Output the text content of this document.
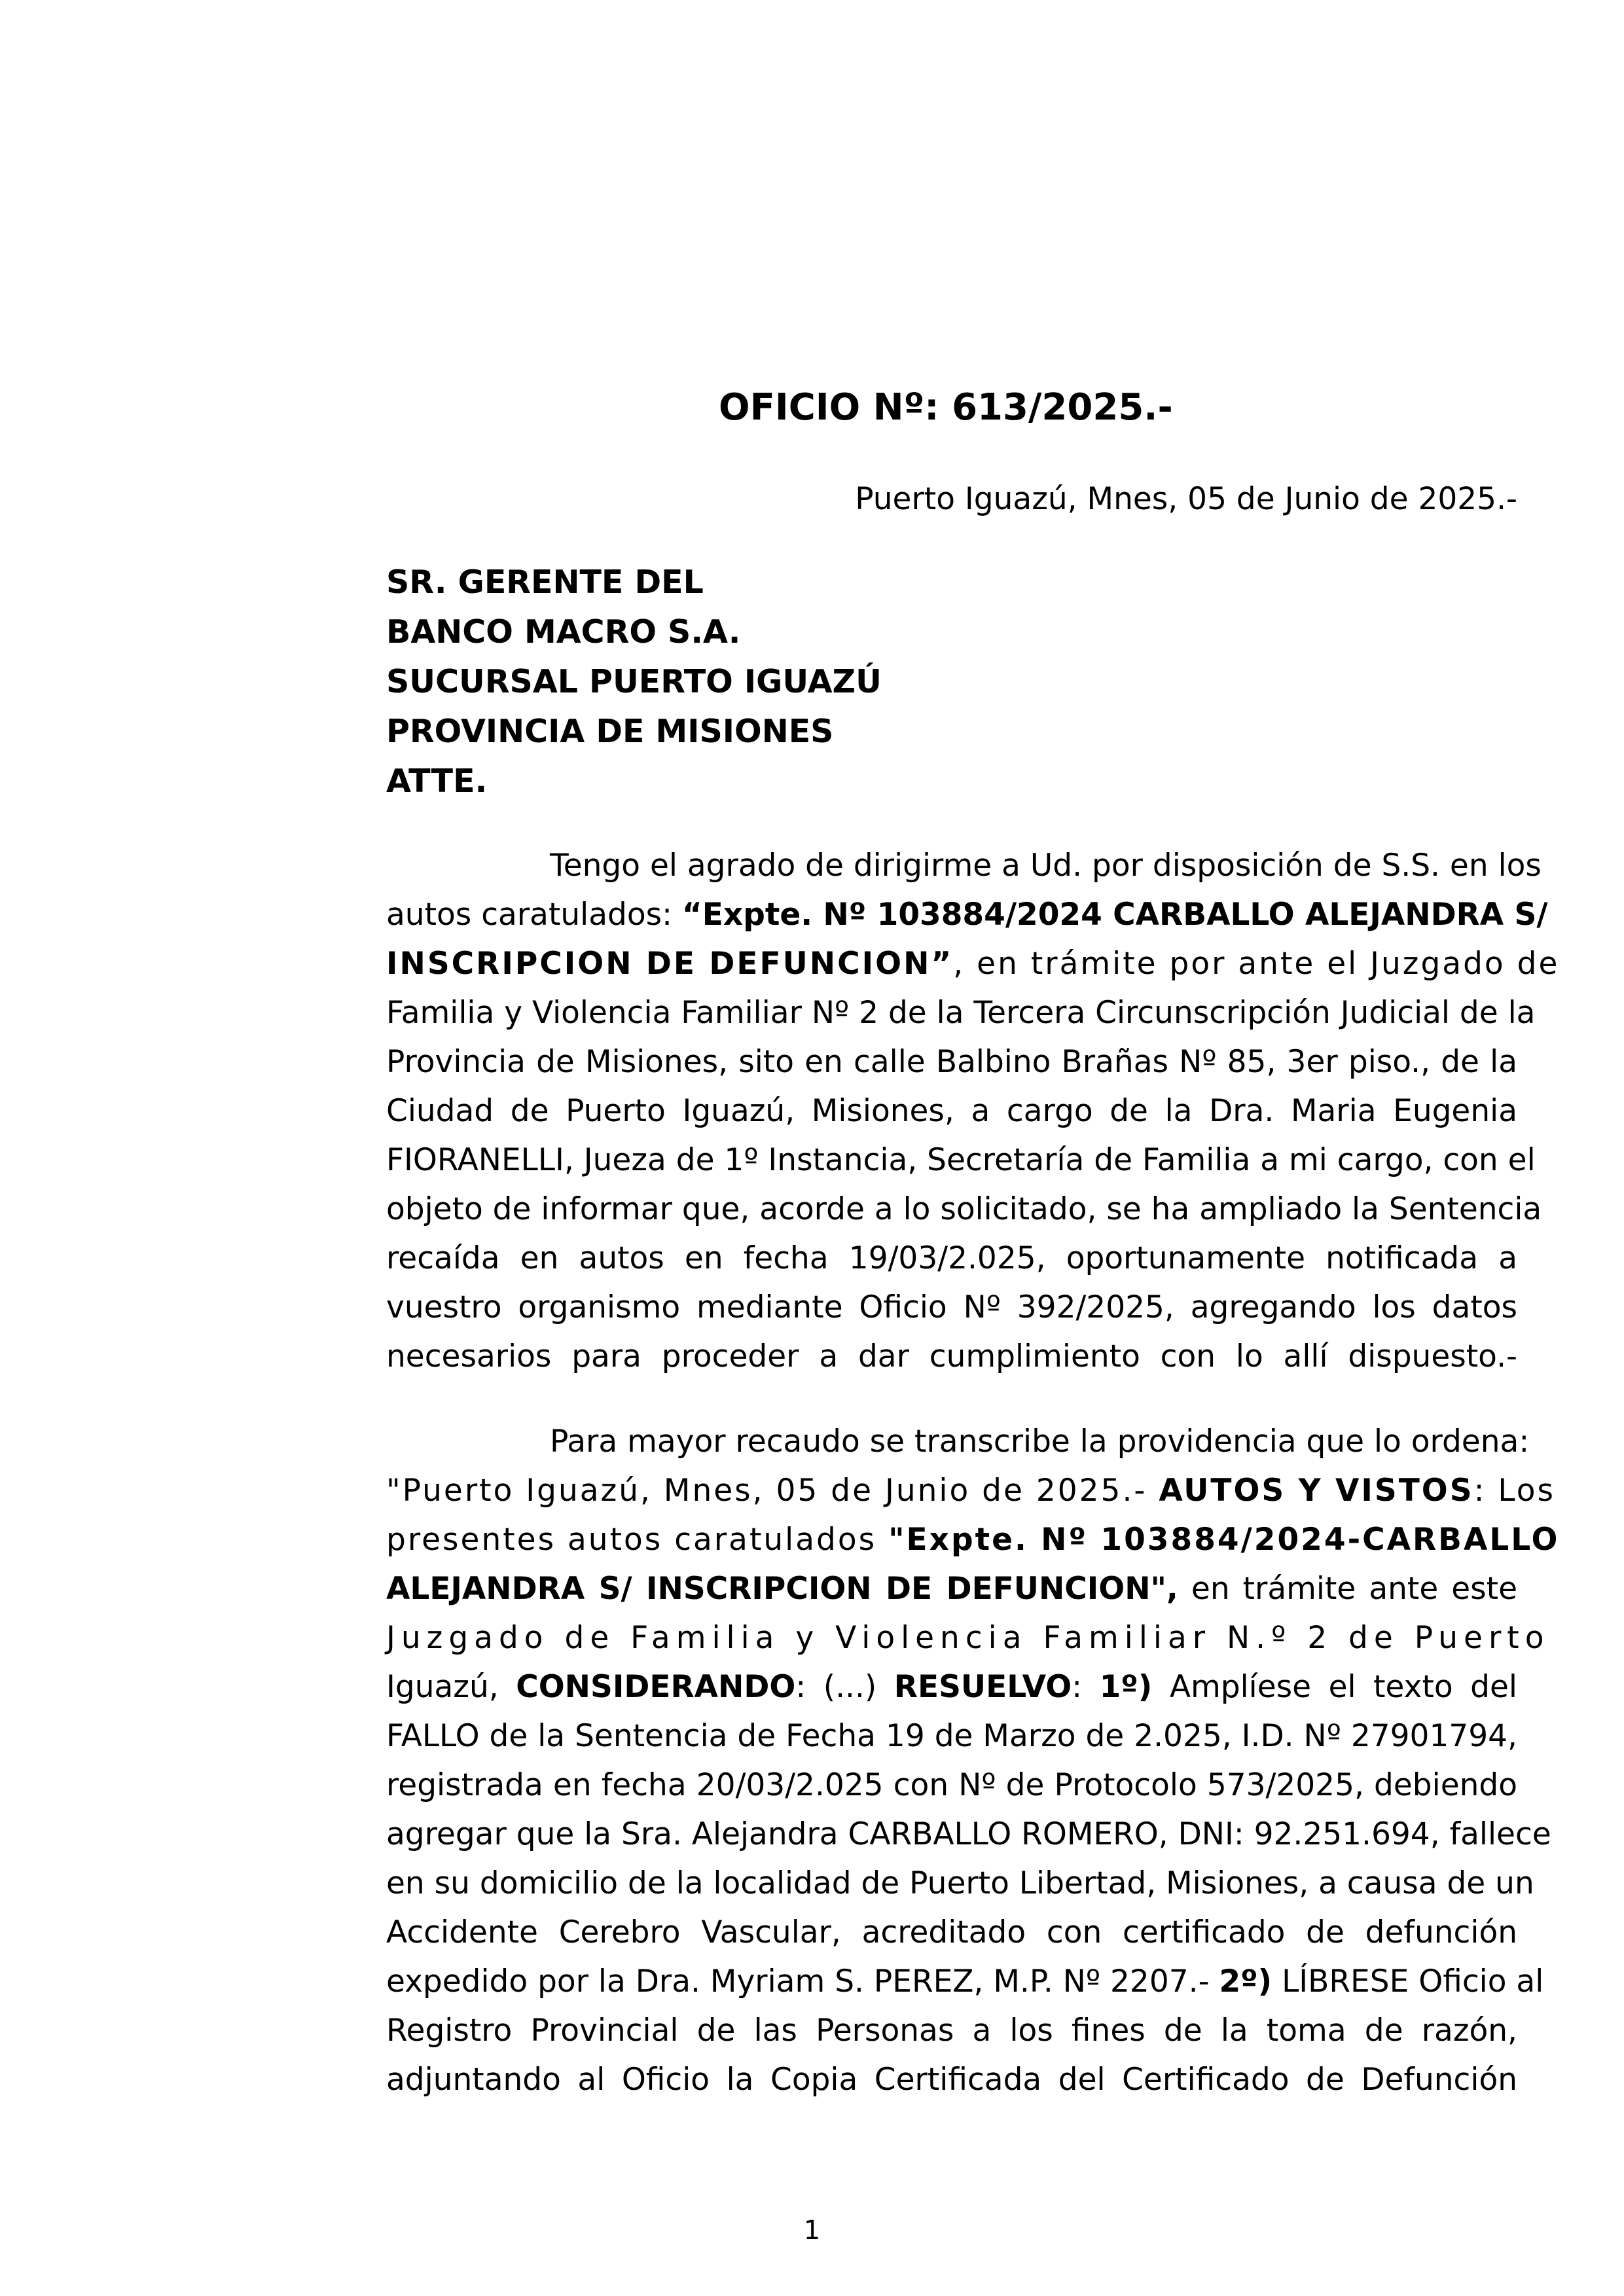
OFICIO Nº: 613/2025.-
Puerto Iguazú, Mnes, 05 de Junio de 2025.-
SR. GERENTE DEL
BANCO MACRO S.A.
SUCURSAL PUERTO IGUAZÚ
PROVINCIA DE MISIONES
ATTE.
Tengo el agrado de dirigirme a Ud. por disposición de S.S. en los
autos caratulados: “Expte. Nº 103884/2024 CARBALLO ALEJANDRA S/
INSCRIPCION DE DEFUNCION”, en trámite por ante el Juzgado de
Familia y Violencia Familiar Nº 2 de la Tercera Circunscripción Judicial de la
Provincia de Misiones, sito en calle Balbino Brañas Nº 85, 3er piso., de la
Ciudad de Puerto Iguazú, Misiones, a cargo de la Dra. Maria Eugenia
FIORANELLI, Jueza de 1º Instancia, Secretaría de Familia a mi cargo, con el
objeto de informar que, acorde a lo solicitado, se ha ampliado la Sentencia
recaída en autos en fecha 19/03/2.025, oportunamente notificada a
vuestro organismo mediante Oficio Nº 392/2025, agregando los datos
necesarios para proceder a dar cumplimiento con lo allí dispuesto.-
Para mayor recaudo se transcribe la providencia que lo ordena:
"Puerto Iguazú, Mnes, 05 de Junio de 2025.- AUTOS Y VISTOS: Los
presentes autos caratulados "Expte. Nº 103884/2024-CARBALLO
ALEJANDRA S/ INSCRIPCION DE DEFUNCION", en trámite ante este
Juzgado de Familia y Violencia Familiar N.º 2 de Puerto
Iguazú, CONSIDERANDO: (...) RESUELVO: 1º) Amplíese el texto del
FALLO de la Sentencia de Fecha 19 de Marzo de 2.025, I.D. Nº 27901794,
registrada en fecha 20/03/2.025 con Nº de Protocolo 573/2025, debiendo
agregar que la Sra. Alejandra CARBALLO ROMERO, DNI: 92.251.694, fallece
en su domicilio de la localidad de Puerto Libertad, Misiones, a causa de un
Accidente Cerebro Vascular, acreditado con certificado de defunción
expedido por la Dra. Myriam S. PEREZ, M.P. Nº 2207.- 2º) LÍBRESE Oficio al
Registro Provincial de las Personas a los fines de la toma de razón,
adjuntando al Oficio la Copia Certificada del Certificado de Defunción
1
